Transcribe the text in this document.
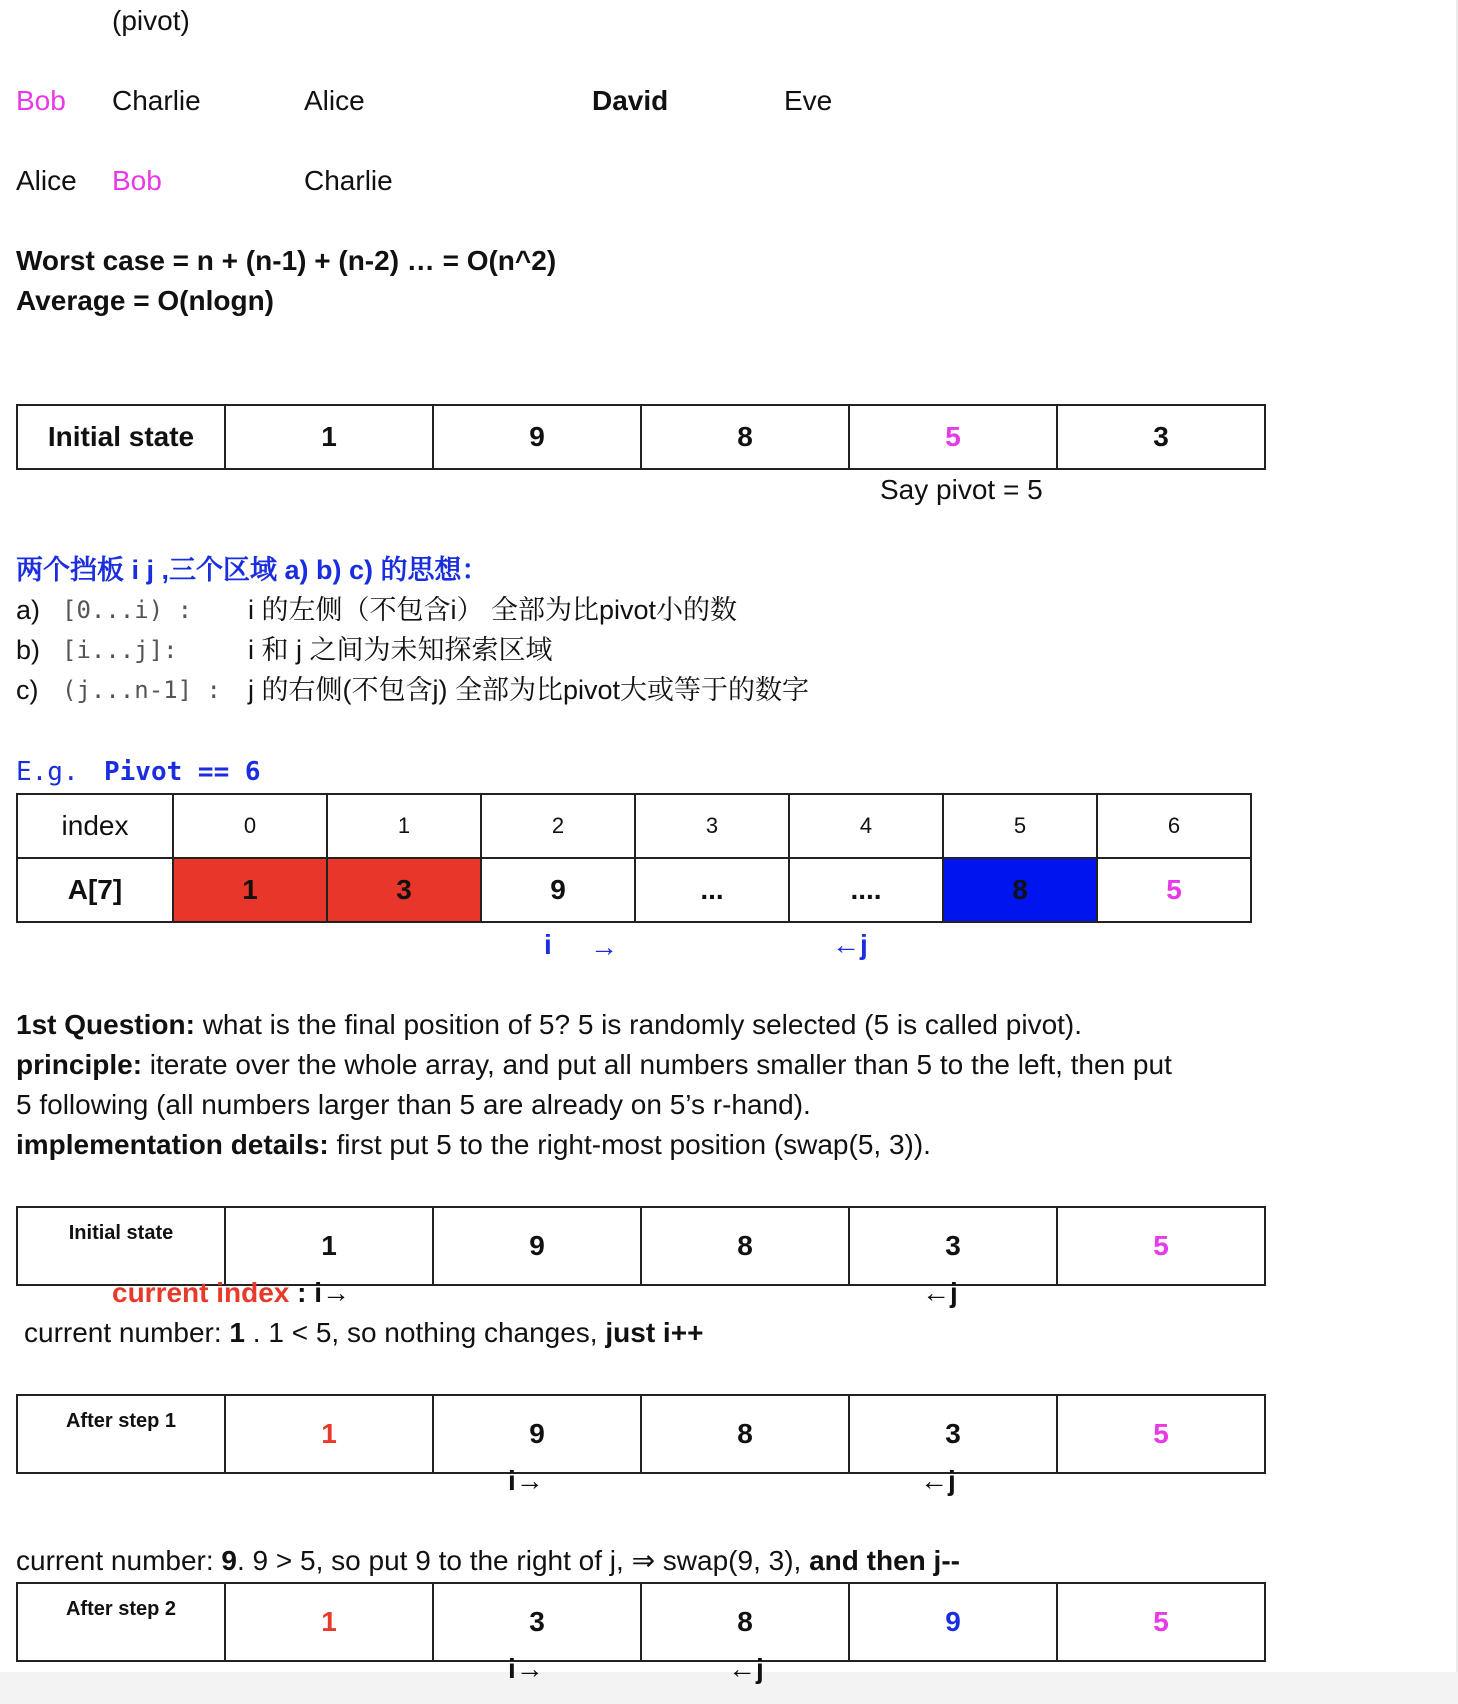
(pivot)
Bob Charlie	Alice	David	Eve
Alice Bob	Charlie
Worst case = n + (n-1) + (n-2) … = O(n^2)
Average = O(nlogn)
Initial state	1	9	8	5	3
Say pivot = 5
两个挡板 i j ,三个区域 a) b) c) 的思想：
a) [0...i) : i 的左侧（不包含i） 全部为比pivot小的数
b) [i...j]:	i 和 j 之间为未知探索区域
c) (j...n-1] : j 的右侧(不包含j) 全部为比pivot大或等于的数字
E.g. Pivot == 6
index	0	1	2	3	4	5	6
A[7]	1	3	9	...	....	8	5
i →	←j
1st Question: what is the final position of 5? 5 is randomly selected (5 is called pivot).
principle: iterate over the whole array, and put all numbers smaller than 5 to the left, then put
5 following (all numbers larger than 5 are already on 5’s r-hand).
implementation details: first put 5 to the right-most position (swap(5, 3)).
Initial state	1	9	8	3	5
current index : i→	←j
current number: 1 . 1 < 5, so nothing changes, just i++
After step 1	1	9	8	3	5
i→	←j
current number: 9. 9 > 5, so put 9 to the right of j, ⇒ swap(9, 3), and then j--
After step 2	1	3	8	9	5
i→	←j
